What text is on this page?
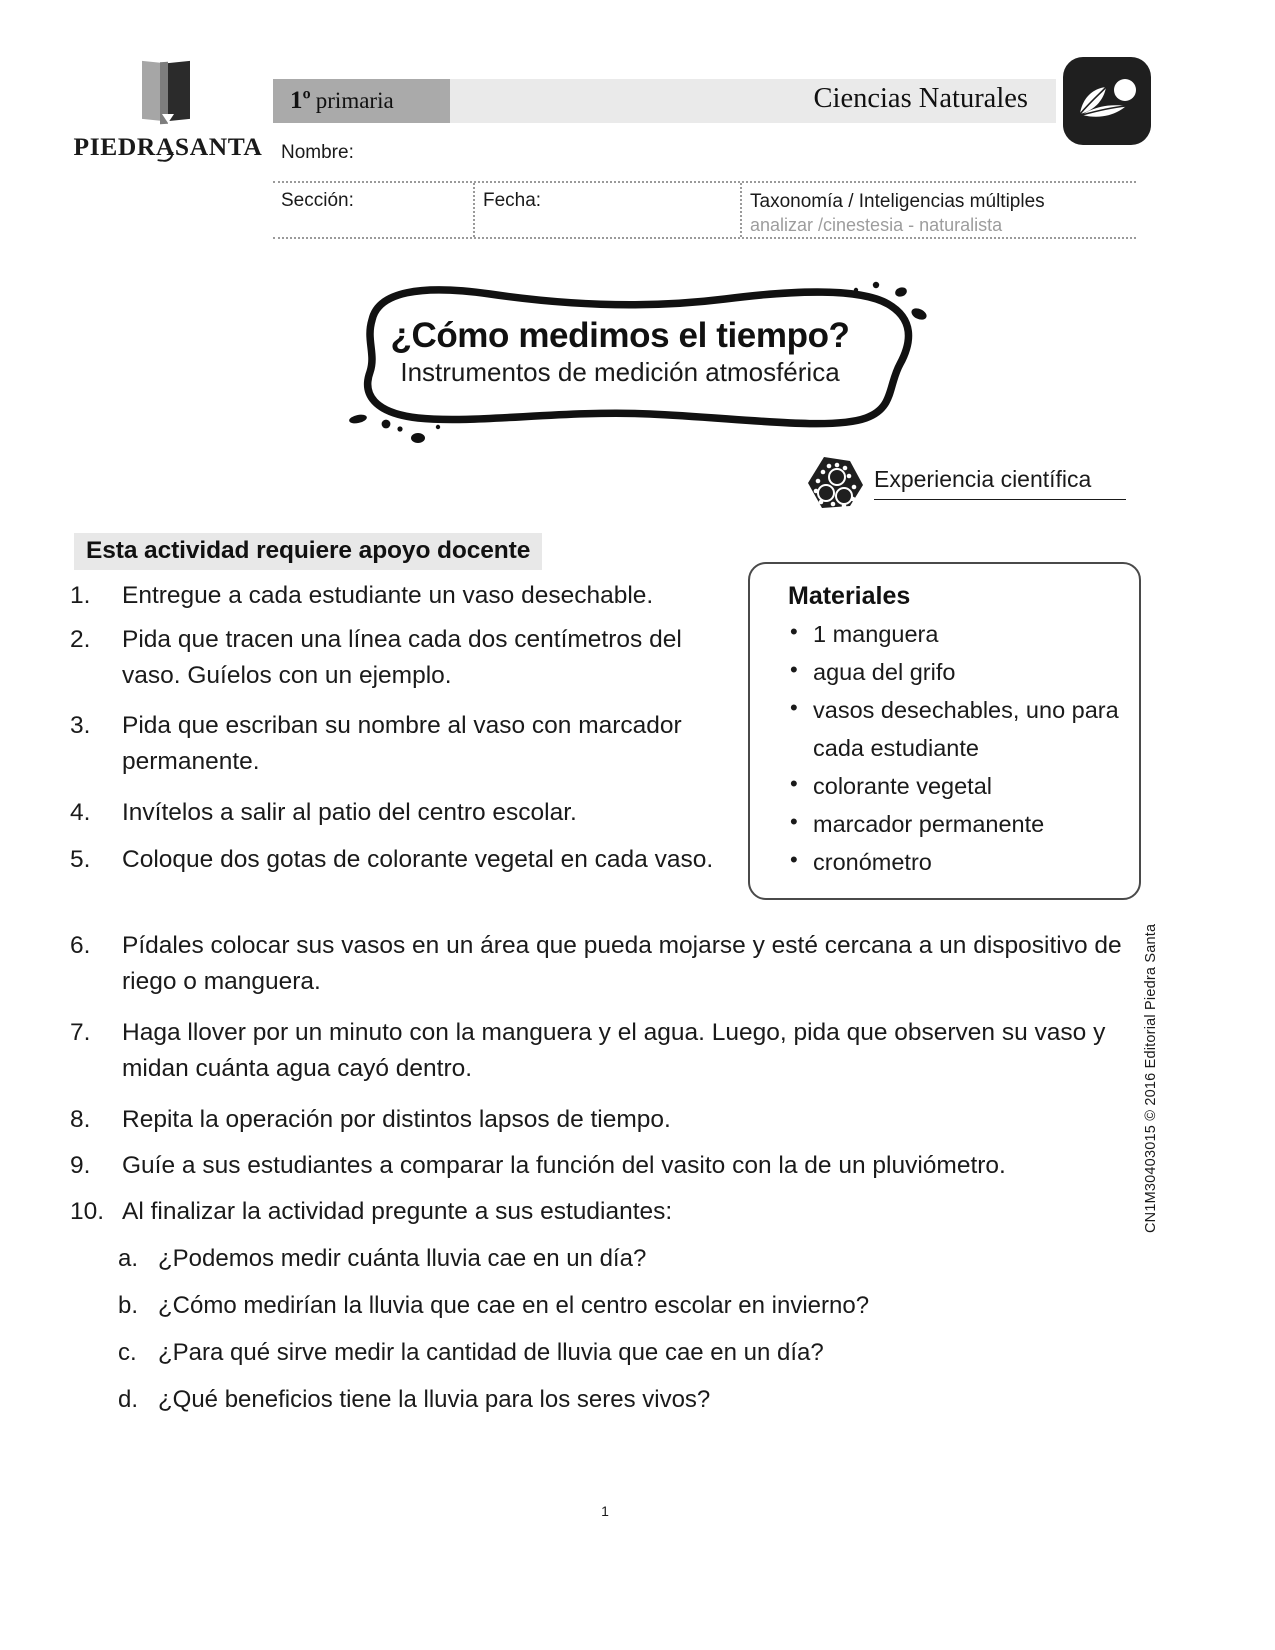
PIEDRASANTA
1º primaria	Ciencias Naturales
Nombre:
Sección:	Fecha:	Taxonomía / Inteligencias múltiples
analizar /cinestesia - naturalista
¿Cómo medimos el tiempo?
Instrumentos de medición atmosférica
Experiencia científica
Esta actividad requiere apoyo docente
Materiales
• 1 manguera
• agua del grifo
• vasos desechables, uno para cada estudiante
• colorante vegetal
• marcador permanente
• cronómetro
1.	Entregue a cada estudiante un vaso desechable.
2.	Pida que tracen una línea cada dos centímetros del vaso. Guíelos con un ejemplo.
3.	Pida que escriban su nombre al vaso con marcador permanente.
4.	Invítelos a salir al patio del centro escolar.
5.	Coloque dos gotas de colorante vegetal en cada vaso.
6.	Pídales colocar sus vasos en un área que pueda mojarse y esté cercana a un dispositivo de riego o manguera.
7.	Haga llover por un minuto con la manguera y el agua. Luego, pida que observen su vaso y midan cuánta agua cayó dentro.
8.	Repita la operación por distintos lapsos de tiempo.
9.	Guíe a sus estudiantes a comparar la función del vasito con la de un pluviómetro.
10. Al finalizar la actividad pregunte a sus estudiantes:
a. ¿Podemos medir cuánta lluvia cae en un día?
b. ¿Cómo medirían la lluvia que cae en el centro escolar en invierno?
c. ¿Para qué sirve medir la cantidad de lluvia que cae en un día?
d. ¿Qué beneficios tiene la lluvia para los seres vivos?
CN1M30403015 © 2016 Editorial Piedra Santa
1
